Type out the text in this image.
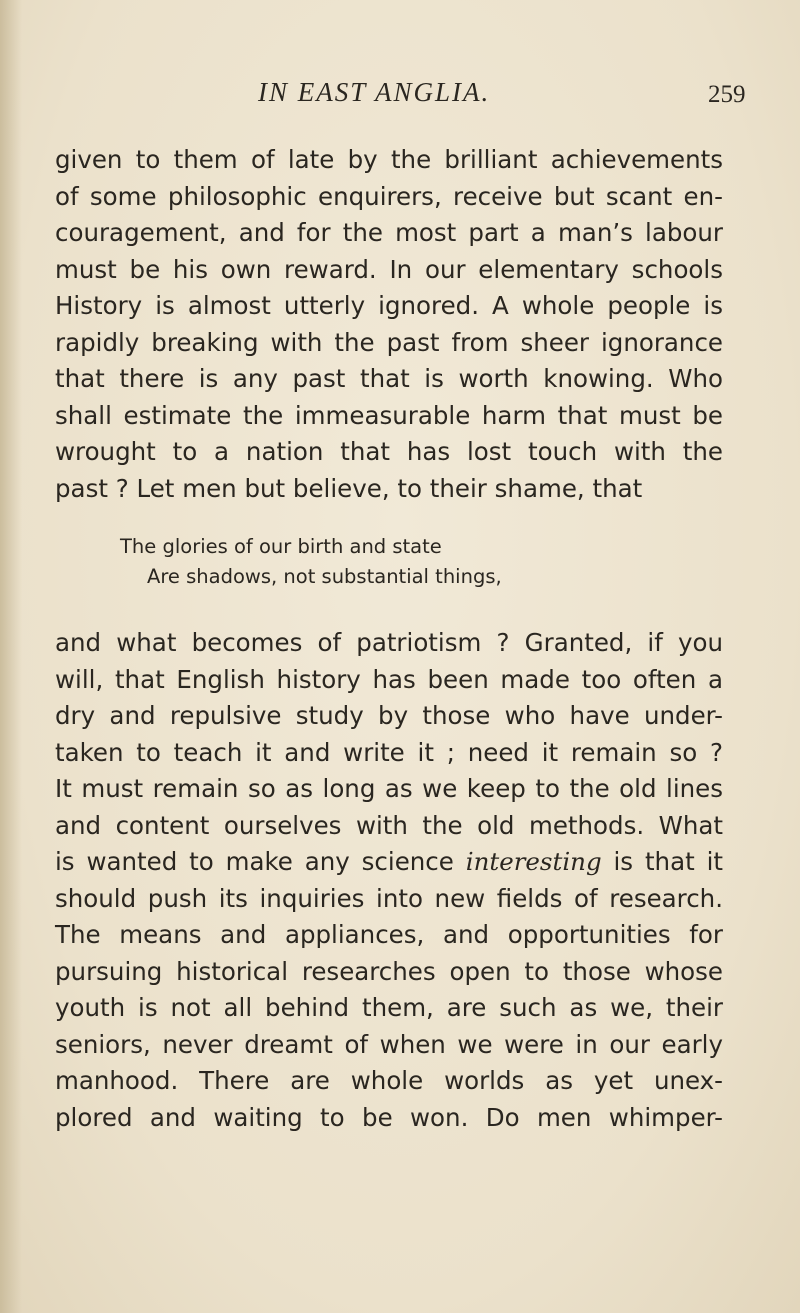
IN EAST ANGLIA.	259
given to them of late by the brilliant achievements
of some philosophic enquirers, receive but scant en-
couragement, and for the most part a man’s labour
must be his own reward. In our elementary schools
History is almost utterly ignored. A whole people is
rapidly breaking with the past from sheer ignorance
that there is any past that is worth knowing. Who
shall estimate the immeasurable harm that must be
wrought to a nation that has lost touch with the
past ? Let men but believe, to their shame, that
The glories of our birth and state
Are shadows, not substantial things,
and what becomes of patriotism ? Granted, if you
will, that English history has been made too often a
dry and repulsive study by those who have under-
taken to teach it and write it ; need it remain so ?
It must remain so as long as we keep to the old lines
and content ourselves with the old methods. What
is wanted to make any science interesting is that it
should push its inquiries into new fields of research.
The means and appliances, and opportunities for
pursuing historical researches open to those whose
youth is not all behind them, are such as we, their
seniors, never dreamt of when we were in our early
manhood. There are whole worlds as yet unex-
plored and waiting to be won. Do men whimper-
